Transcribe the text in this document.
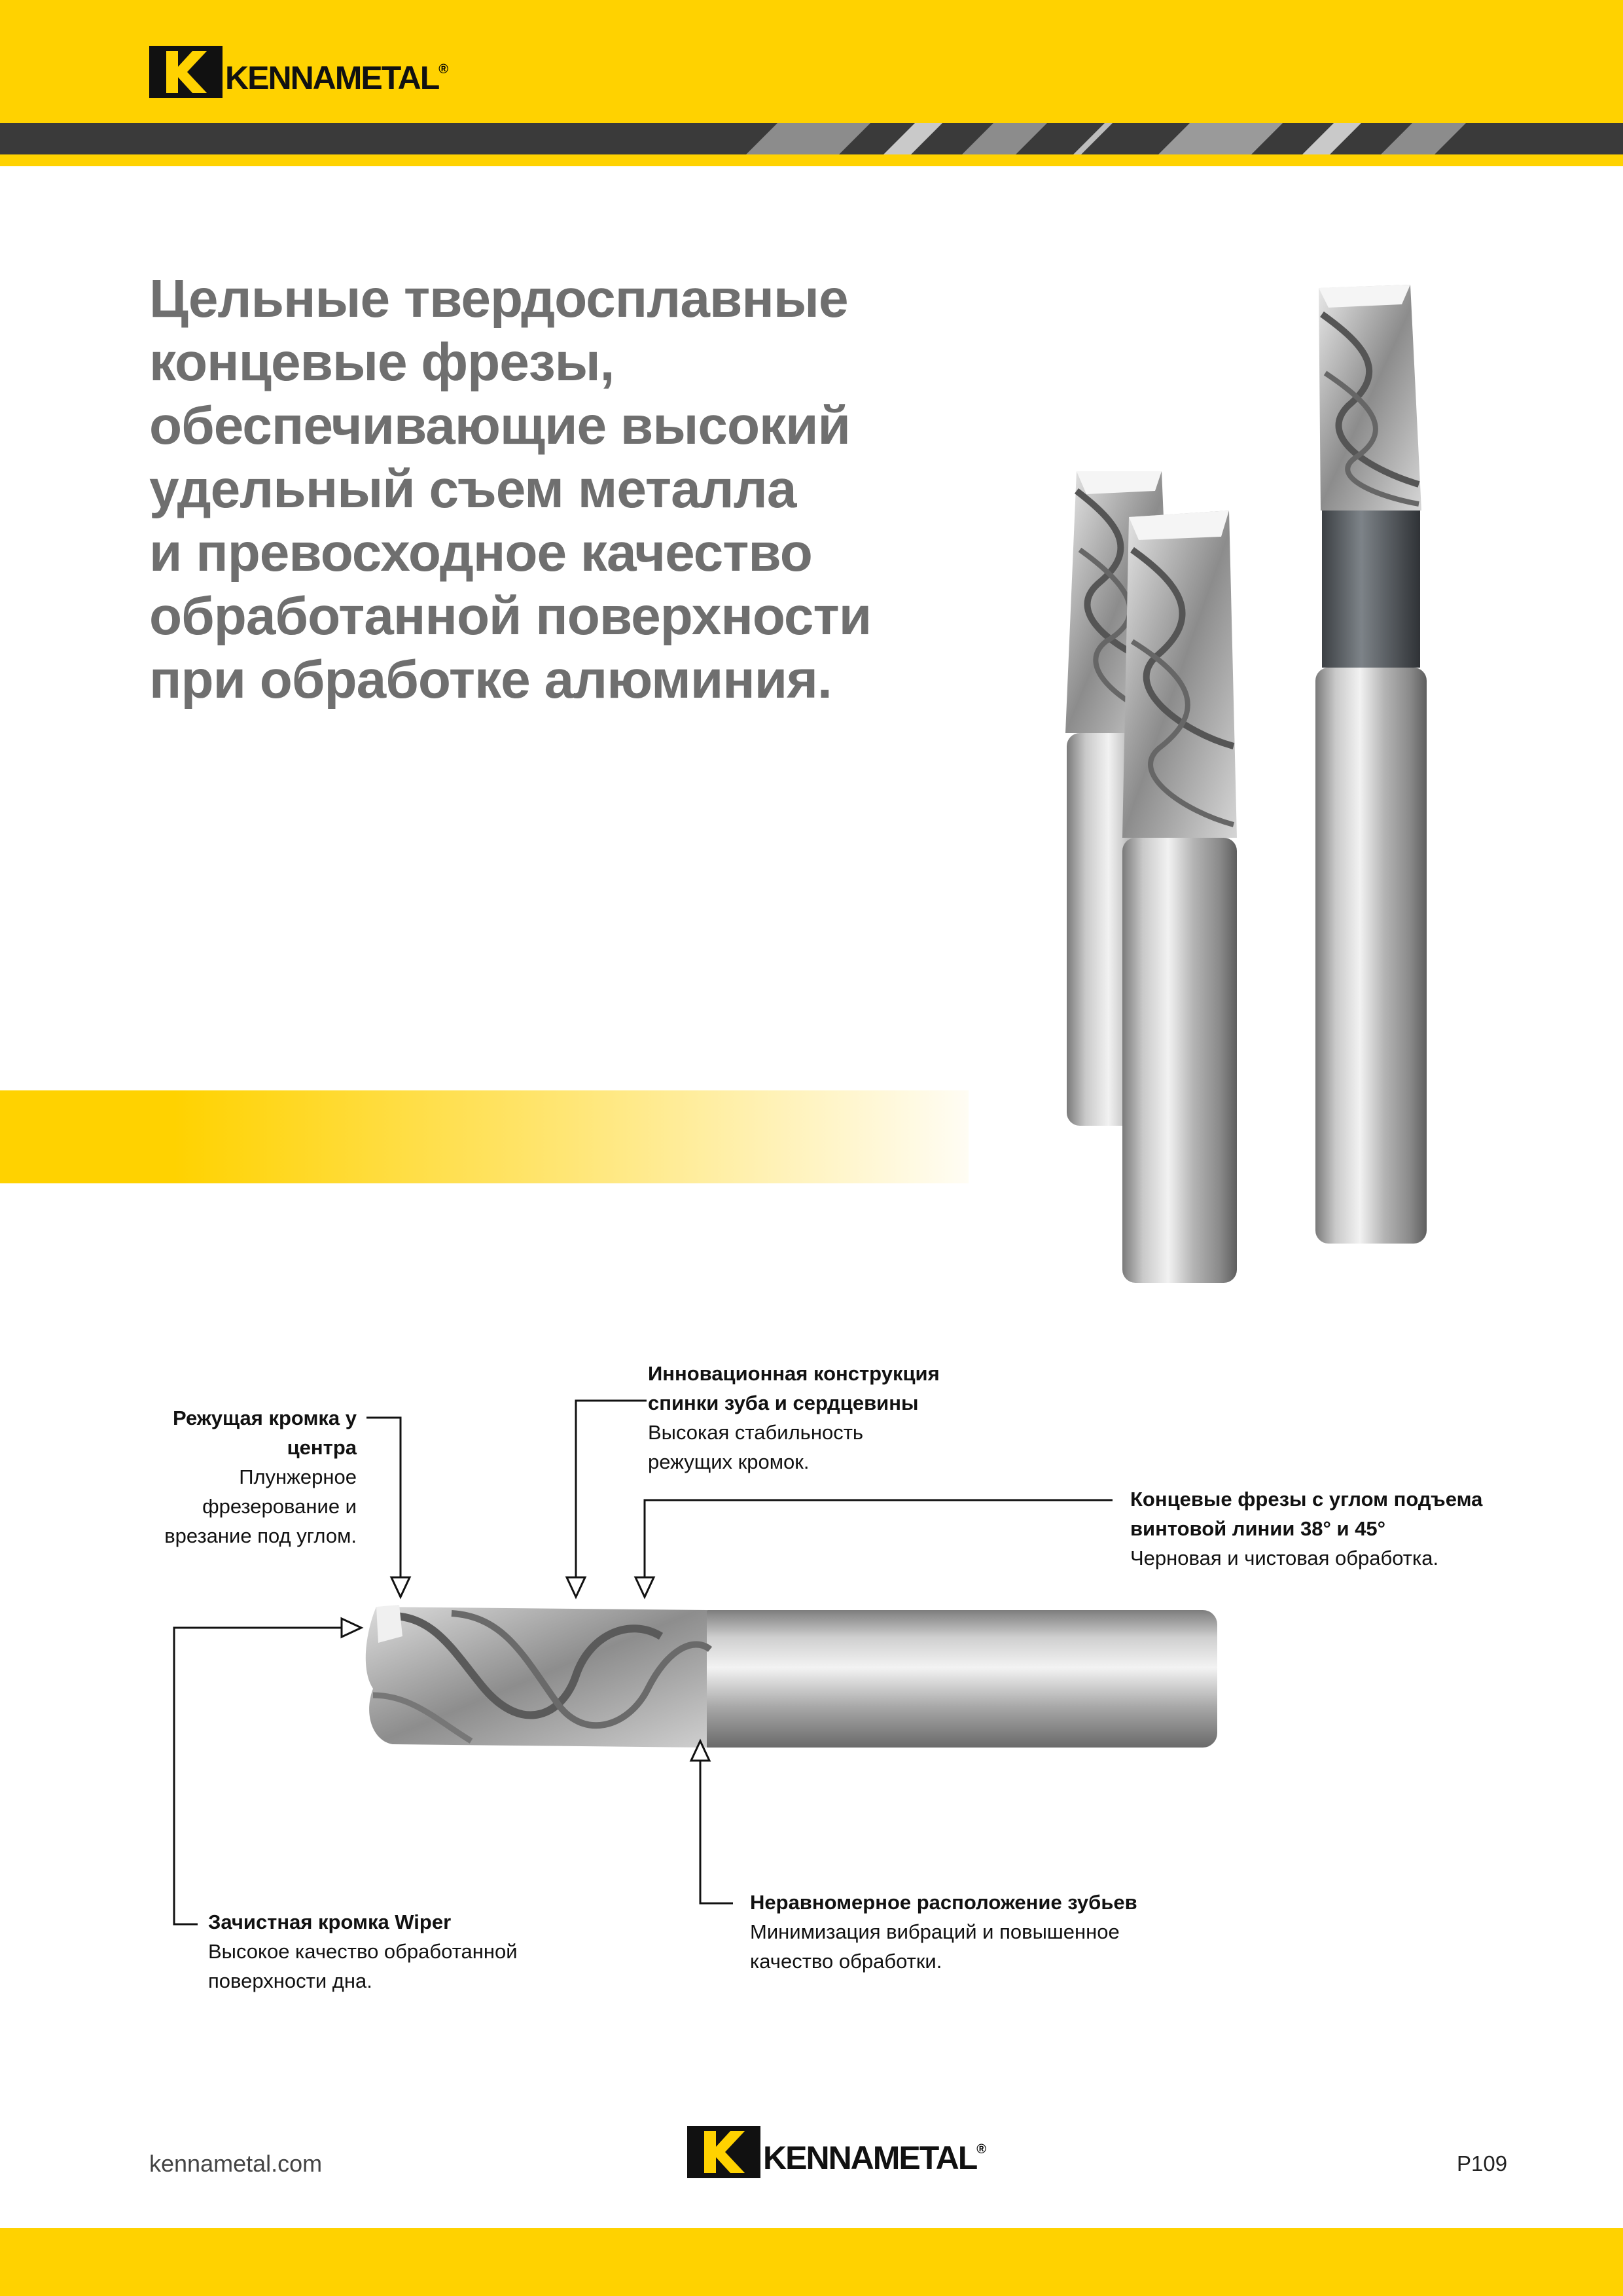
KENNAMETAL ®
Цельные твердосплавные
концевые фрезы,
обеспечивающие высокий
удельный съем металла
и превосходное качество
обработанной поверхности
при обработке алюминия.
Режущая кромка у
центра
Плунжерное
фрезерование и
врезание под углом.
Инновационная конструкция
спинки зуба и сердцевины
Высокая стабильность
режущих кромок.
Концевые фрезы с углом подъема
винтовой линии 38° и 45°
Черновая и чистовая обработка.
Зачистная кромка Wiper
Высокое качество обработанной
поверхности дна.
Неравномерное расположение зубьев
Минимизация вибраций и повышенное
качество обработки.
kennametal.com	KENNAMETAL ®
P109
